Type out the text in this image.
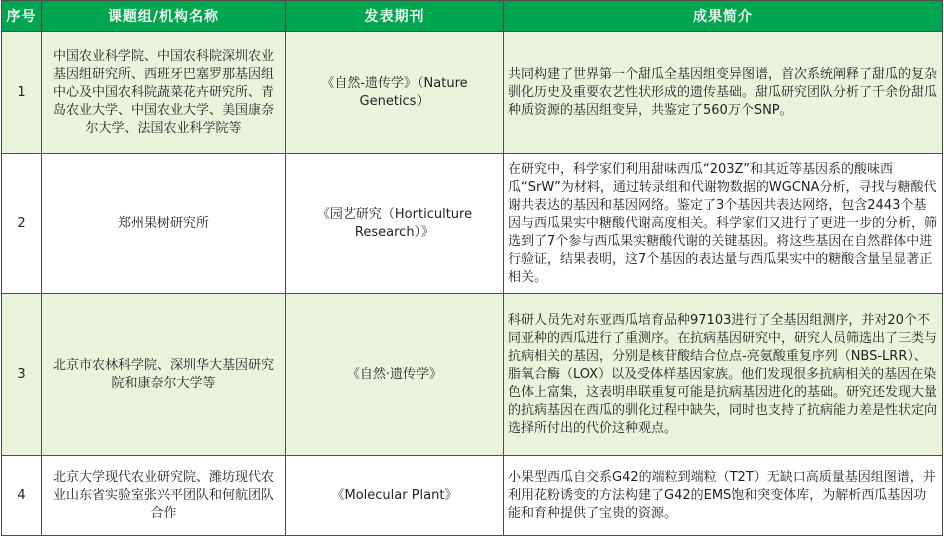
序号	课题组/机构名称	发表期刊	成果简介
1	中国农业科学院、中国农科院深圳农业基因组研究所、西班牙巴塞罗那基因组中心及中国农科院蔬菜花卉研究所、青岛农业大学、中国农业大学、美国康奈尔大学、法国农业科学院等	《自然-遗传学》（Nature Genetics）	共同构建了世界第一个甜瓜全基因组变异图谱，首次系统阐释了甜瓜的复杂驯化历史及重要农艺性状形成的遗传基础。甜瓜研究团队分析了千余份甜瓜种质资源的基因组变异，共鉴定了560万个SNP。
2	郑州果树研究所	《园艺研究（Horticulture Research）》	在研究中，科学家们利用甜味西瓜“203Z”和其近等基因系的酸味西瓜“SrW”为材料，通过转录组和代谢物数据的WGCNA分析，寻找与糖酸代谢共表达的基因和基因网络。鉴定了3个基因共表达网络，包含2443个基因与西瓜果实中糖酸代谢高度相关。科学家们又进行了更进一步的分析，筛选到了7个参与西瓜果实糖酸代谢的关键基因。将这些基因在自然群体中进行验证，结果表明，这7个基因的表达量与西瓜果实中的糖酸含量呈显著正相关。
3	北京市农林科学院、深圳华大基因研究院和康奈尔大学等	《自然·遗传学》	科研人员先对东亚西瓜培育品种97103进行了全基因组测序，并对20个不同亚种的西瓜进行了重测序。在抗病基因研究中，研究人员筛选出了三类与抗病相关的基因，分别是核苷酸结合位点-亮氨酸重复序列（NBS-LRR）、脂氧合酶（LOX）以及受体样基因家族。他们发现很多抗病相关的基因在染色体上富集，这表明串联重复可能是抗病基因进化的基础。研究还发现大量的抗病基因在西瓜的驯化过程中缺失，同时也支持了抗病能力差是性状定向选择所付出的代价这种观点。
4	北京大学现代农业研究院、潍坊现代农业山东省实验室张兴平团队和何航团队合作	《Molecular Plant》	小果型西瓜自交系G42的端粒到端粒（T2T）无缺口高质量基因组图谱，并利用花粉诱变的方法构建了G42的EMS饱和突变体库，为解析西瓜基因功能和育种提供了宝贵的资源。
